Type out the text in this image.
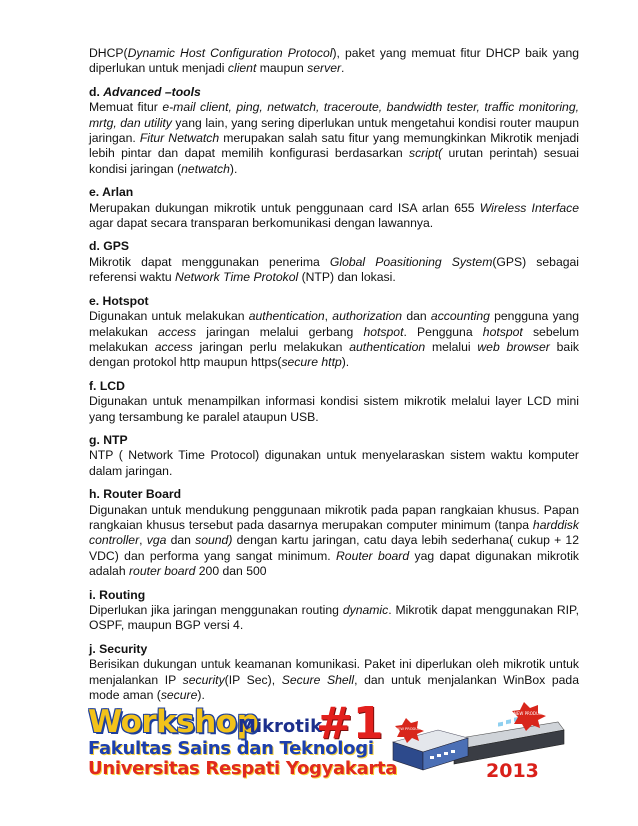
DHCP(Dynamic Host Configuration Protocol), paket yang memuat fitur DHCP baik yang diperlukan untuk menjadi client maupun server.

d. Advanced –tools

Memuat fitur e-mail client, ping, netwatch, traceroute, bandwidth tester, traffic monitoring, mrtg, dan utility yang lain, yang sering diperlukan untuk mengetahui kondisi router maupun jaringan. Fitur Netwatch merupakan salah satu fitur yang memungkinkan Mikrotik menjadi lebih pintar dan dapat memilih konfigurasi berdasarkan script( urutan perintah) sesuai kondisi jaringan (netwatch).

e. Arlan

Merupakan dukungan mikrotik untuk penggunaan card ISA arlan 655 Wireless Interface agar dapat secara transparan berkomunikasi dengan lawannya.

d. GPS

Mikrotik dapat menggunakan penerima Global Poasitioning System(GPS) sebagai referensi waktu Network Time Protokol (NTP) dan lokasi.

e. Hotspot

Digunakan untuk melakukan authentication, authorization dan accounting pengguna yang melakukan access jaringan melalui gerbang hotspot. Pengguna hotspot sebelum melakukan access jaringan perlu melakukan authentication melalui web browser baik dengan protokol http maupun https(secure http).

f. LCD

Digunakan untuk menampilkan informasi kondisi sistem mikrotik melalui layer LCD mini yang tersambung ke paralel ataupun USB.

g. NTP

NTP ( Network Time Protocol) digunakan untuk menyelaraskan sistem waktu komputer dalam jaringan.

h. Router Board

Digunakan untuk mendukung penggunaan mikrotik pada papan rangkaian khusus. Papan rangkaian khusus tersebut pada dasarnya merupakan computer minimum (tanpa harddisk controller, vga dan sound) dengan kartu jaringan, catu daya lebih sederhana( cukup + 12 VDC) dan performa yang sangat minimum. Router board yag dapat digunakan mikrotik adalah router board 200 dan 500

i. Routing

Diperlukan jika jaringan menggunakan routing dynamic. Mikrotik dapat menggunakan RIP, OSPF, maupun BGP versi 4.

j. Security

Berisikan dukungan untuk keamanan komunikasi. Paket ini diperlukan oleh mikrotik untuk menjalankan IP security(IP Sec), Secure Shell, dan untuk menjalankan WinBox pada mode aman (secure).

Workshop
Mikrotik
#1
Fakultas Sains dan Teknologi
Universitas Respati Yogyakarta
NEW PRODUCT
NEW PRODUCT
2013
